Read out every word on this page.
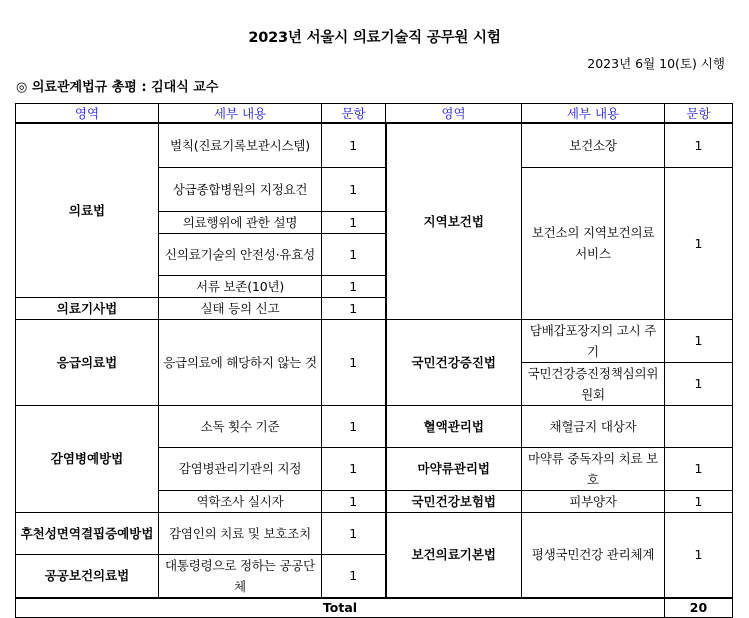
2023년 서울시 의료기술직 공무원 시험
2023년 6월 10(토) 시행
◎ 의료관계법규 총평 : 김대식 교수
영역	세부 내용	문항	영역	세부 내용	문항
의료법	벌칙(진료기록보관시스템)	1	지역보건법	보건소장	1
	상급종합병원의 지정요건	1		보건소의 지역보건의료 서비스	1
	의료행위에 관한 설명	1			
	신의료기술의 안전성·유효성	1			
	서류 보존(10년)	1			
의료기사법	실태 등의 신고	1			
응급의료법	응급의료에 해당하지 않는 것	1	국민건강증진법	담배갑포장지의 고시 주기	1
				국민건강증진정책심의위원회	1
감염병예방법	소독 횟수 기준	1	혈액관리법	채혈금지 대상자	
	감염병관리기관의 지정	1	마약류관리법	마약류 중독자의 치료 보호	1
	역학조사 실시자	1	국민건강보험법	피부양자	1
후천성면역결핍증예방법	감염인의 치료 및 보호조치	1	보건의료기본법	평생국민건강 관리체계	1
공공보건의료법	대통령령으로 정하는 공공단체	1			
Total					20
